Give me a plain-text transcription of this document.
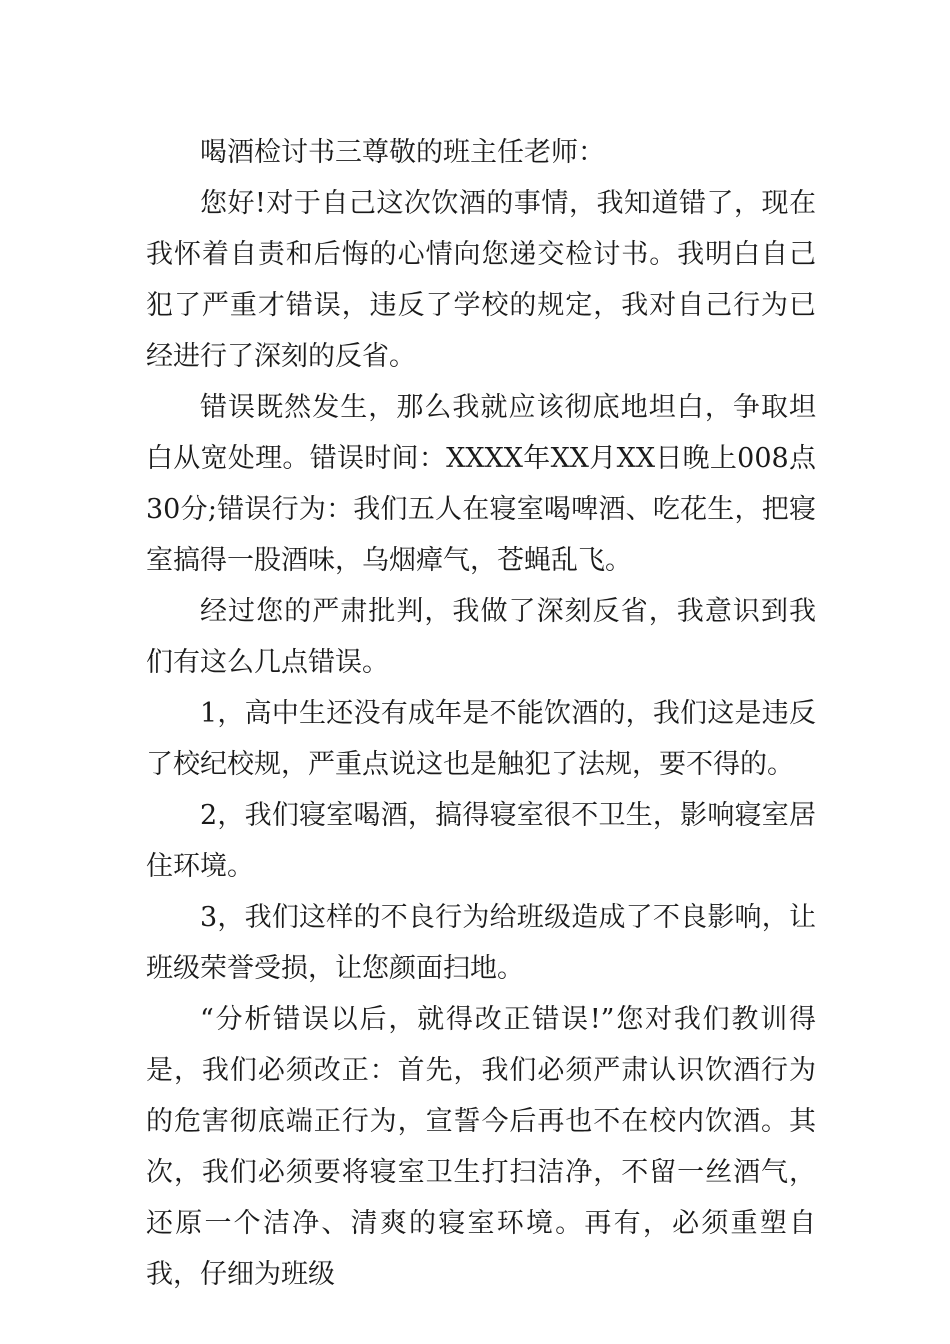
喝酒检讨书三尊敬的班主任老师：

您好!对于自己这次饮酒的事情，我知道错了，现在我怀着自责和后悔的心情向您递交检讨书。我明白自己犯了严重才错误，违反了学校的规定，我对自己行为已经进行了深刻的反省。

错误既然发生，那么我就应该彻底地坦白，争取坦白从宽处理。错误时间：XXXX年XX月XX日晚上008点30分;错误行为：我们五人在寝室喝啤酒、吃花生，把寝室搞得一股酒味，乌烟瘴气，苍蝇乱飞。

经过您的严肃批判，我做了深刻反省，我意识到我们有这么几点错误。

1，高中生还没有成年是不能饮酒的，我们这是违反了校纪校规，严重点说这也是触犯了法规，要不得的。

2，我们寝室喝酒，搞得寝室很不卫生，影响寝室居住环境。

3，我们这样的不良行为给班级造成了不良影响，让班级荣誉受损，让您颜面扫地。

“分析错误以后，就得改正错误!”您对我们教训得是，我们必须改正：首先，我们必须严肃认识饮酒行为的危害彻底端正行为，宣誓今后再也不在校内饮酒。其次，我们必须要将寝室卫生打扫洁净，不留一丝酒气，还原一个洁净、清爽的寝室环境。再有，必须重塑自我，仔细为班级
